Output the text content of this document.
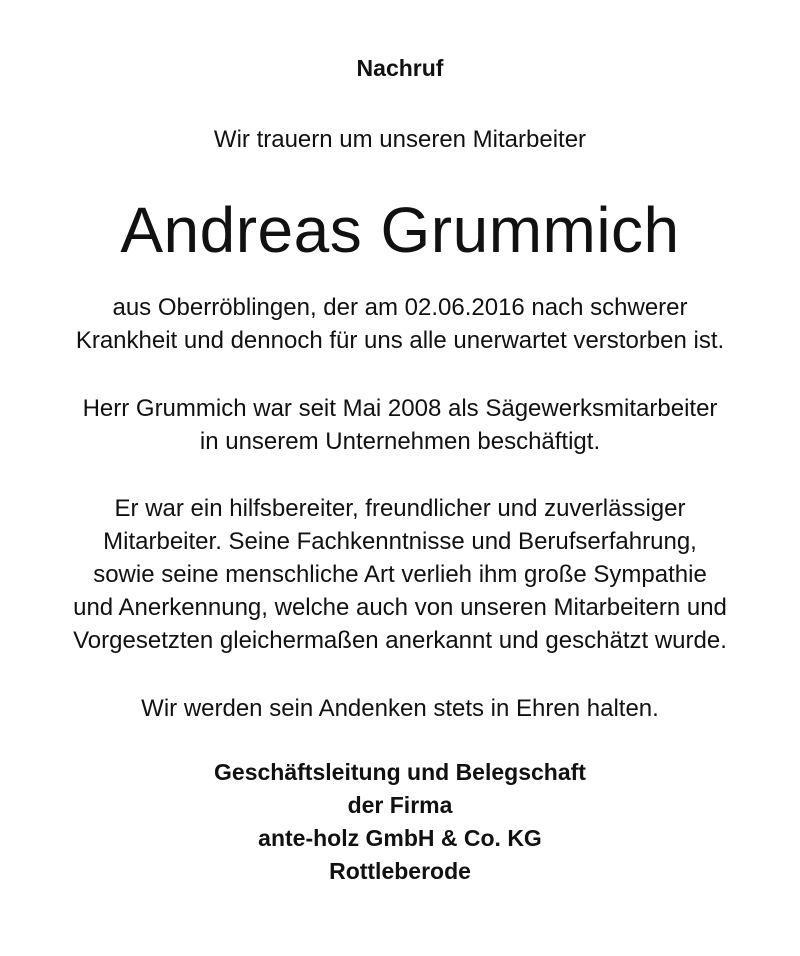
Nachruf
Wir trauern um unseren Mitarbeiter
Andreas Grummich
aus Oberröblingen, der am 02.06.2016 nach schwerer
Krankheit und dennoch für uns alle unerwartet verstorben ist.
Herr Grummich war seit Mai 2008 als Sägewerksmitarbeiter
in unserem Unternehmen beschäftigt.
Er war ein hilfsbereiter, freundlicher und zuverlässiger
Mitarbeiter. Seine Fachkenntnisse und Berufserfahrung,
sowie seine menschliche Art verlieh ihm große Sympathie
und Anerkennung, welche auch von unseren Mitarbeitern und
Vorgesetzten gleichermaßen anerkannt und geschätzt wurde.
Wir werden sein Andenken stets in Ehren halten.
Geschäftsleitung und Belegschaft
der Firma
ante-holz GmbH & Co. KG
Rottleberode
